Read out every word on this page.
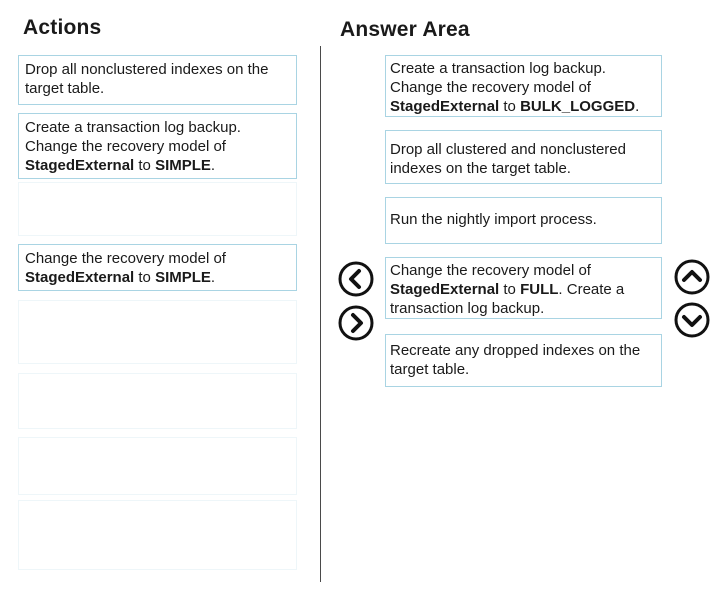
Actions	Answer Area
Drop all nonclustered indexes on the
target table.
Create a transaction log backup.
Change the recovery model of
StagedExternal to SIMPLE.
Change the recovery model of
StagedExternal to SIMPLE.
Create a transaction log backup.
Change the recovery model of
StagedExternal to BULK_LOGGED.
Drop all clustered and nonclustered
indexes on the target table.
Run the nightly import process.
Change the recovery model of
StagedExternal to FULL. Create a
transaction log backup.
Recreate any dropped indexes on the
target table.
